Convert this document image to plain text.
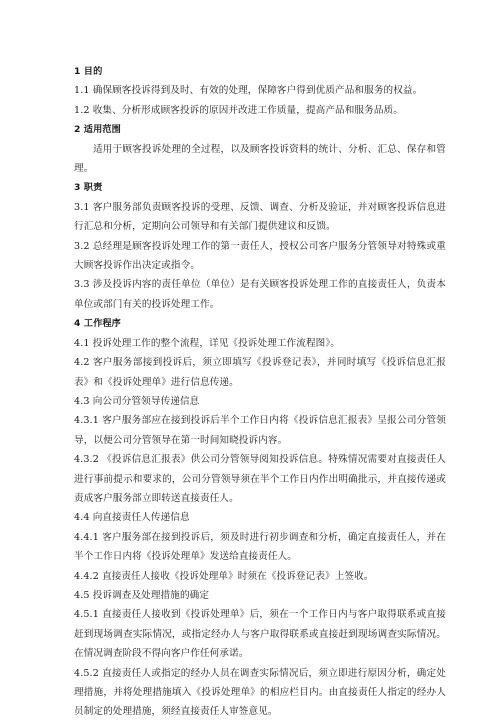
1 目的

1.1 确保顾客投诉得到及时、有效的处理，保障客户得到优质产品和服务的权益。

1.2 收集、分析形成顾客投诉的原因并改进工作质量，提高产品和服务品质。

2 适用范围

适用于顾客投诉处理的全过程，以及顾客投诉资料的统计、分析、汇总、保存和管理。

3 职责

3.1 客户服务部负责顾客投诉的受理、反馈、调查、分析及验证，并对顾客投诉信息进行汇总和分析，定期向公司领导和有关部门提供建议和反馈。

3.2 总经理是顾客投诉处理工作的第一责任人，授权公司客户服务分管领导对特殊或重大顾客投诉作出决定或指令。

3.3 涉及投诉内容的责任单位（单位）是有关顾客投诉处理工作的直接责任人，负责本单位或部门有关的投诉处理工作。

4 工作程序

4.1 投诉处理工作的整个流程，详见《投诉处理工作流程图》。

4.2 客户服务部接到投诉后，须立即填写《投诉登记表》，并同时填写《投诉信息汇报表》和《投诉处理单》进行信息传递。

4.3 向公司分管领导传递信息

4.3.1 客户服务部应在接到投诉后半个工作日内将《投诉信息汇报表》呈报公司分管领导，以便公司分管领导在第一时间知晓投诉内容。

4.3.2 《投诉信息汇报表》供公司分管领导阅知投诉信息。特殊情况需要对直接责任人进行事前提示和要求的，公司分管领导须在半个工作日内作出明确批示，并直接传递或责成客户服务部立即转送直接责任人。

4.4 向直接责任人传递信息

4.4.1 客户服务部在接到投诉后，须及时进行初步调查和分析，确定直接责任人，并在半个工作日内将《投诉处理单》发送给直接责任人。

4.4.2 直接责任人接收《投诉处理单》时须在《投诉登记表》上签收。

4.5 投诉调查及处理措施的确定

4.5.1 直接责任人接收到《投诉处理单》后，须在一个工作日内与客户取得联系或直接赶到现场调查实际情况，或指定经办人与客户取得联系或直接赶到现场调查实际情况。在情况调查阶段不得向客户作任何承诺。

4.5.2 直接责任人或指定的经办人员在调查实际情况后，须立即进行原因分析，确定处理措施，并将处理措施填入《投诉处理单》的相应栏目内。由直接责任人指定的经办人员制定的处理措施，须经直接责任人审签意见。
